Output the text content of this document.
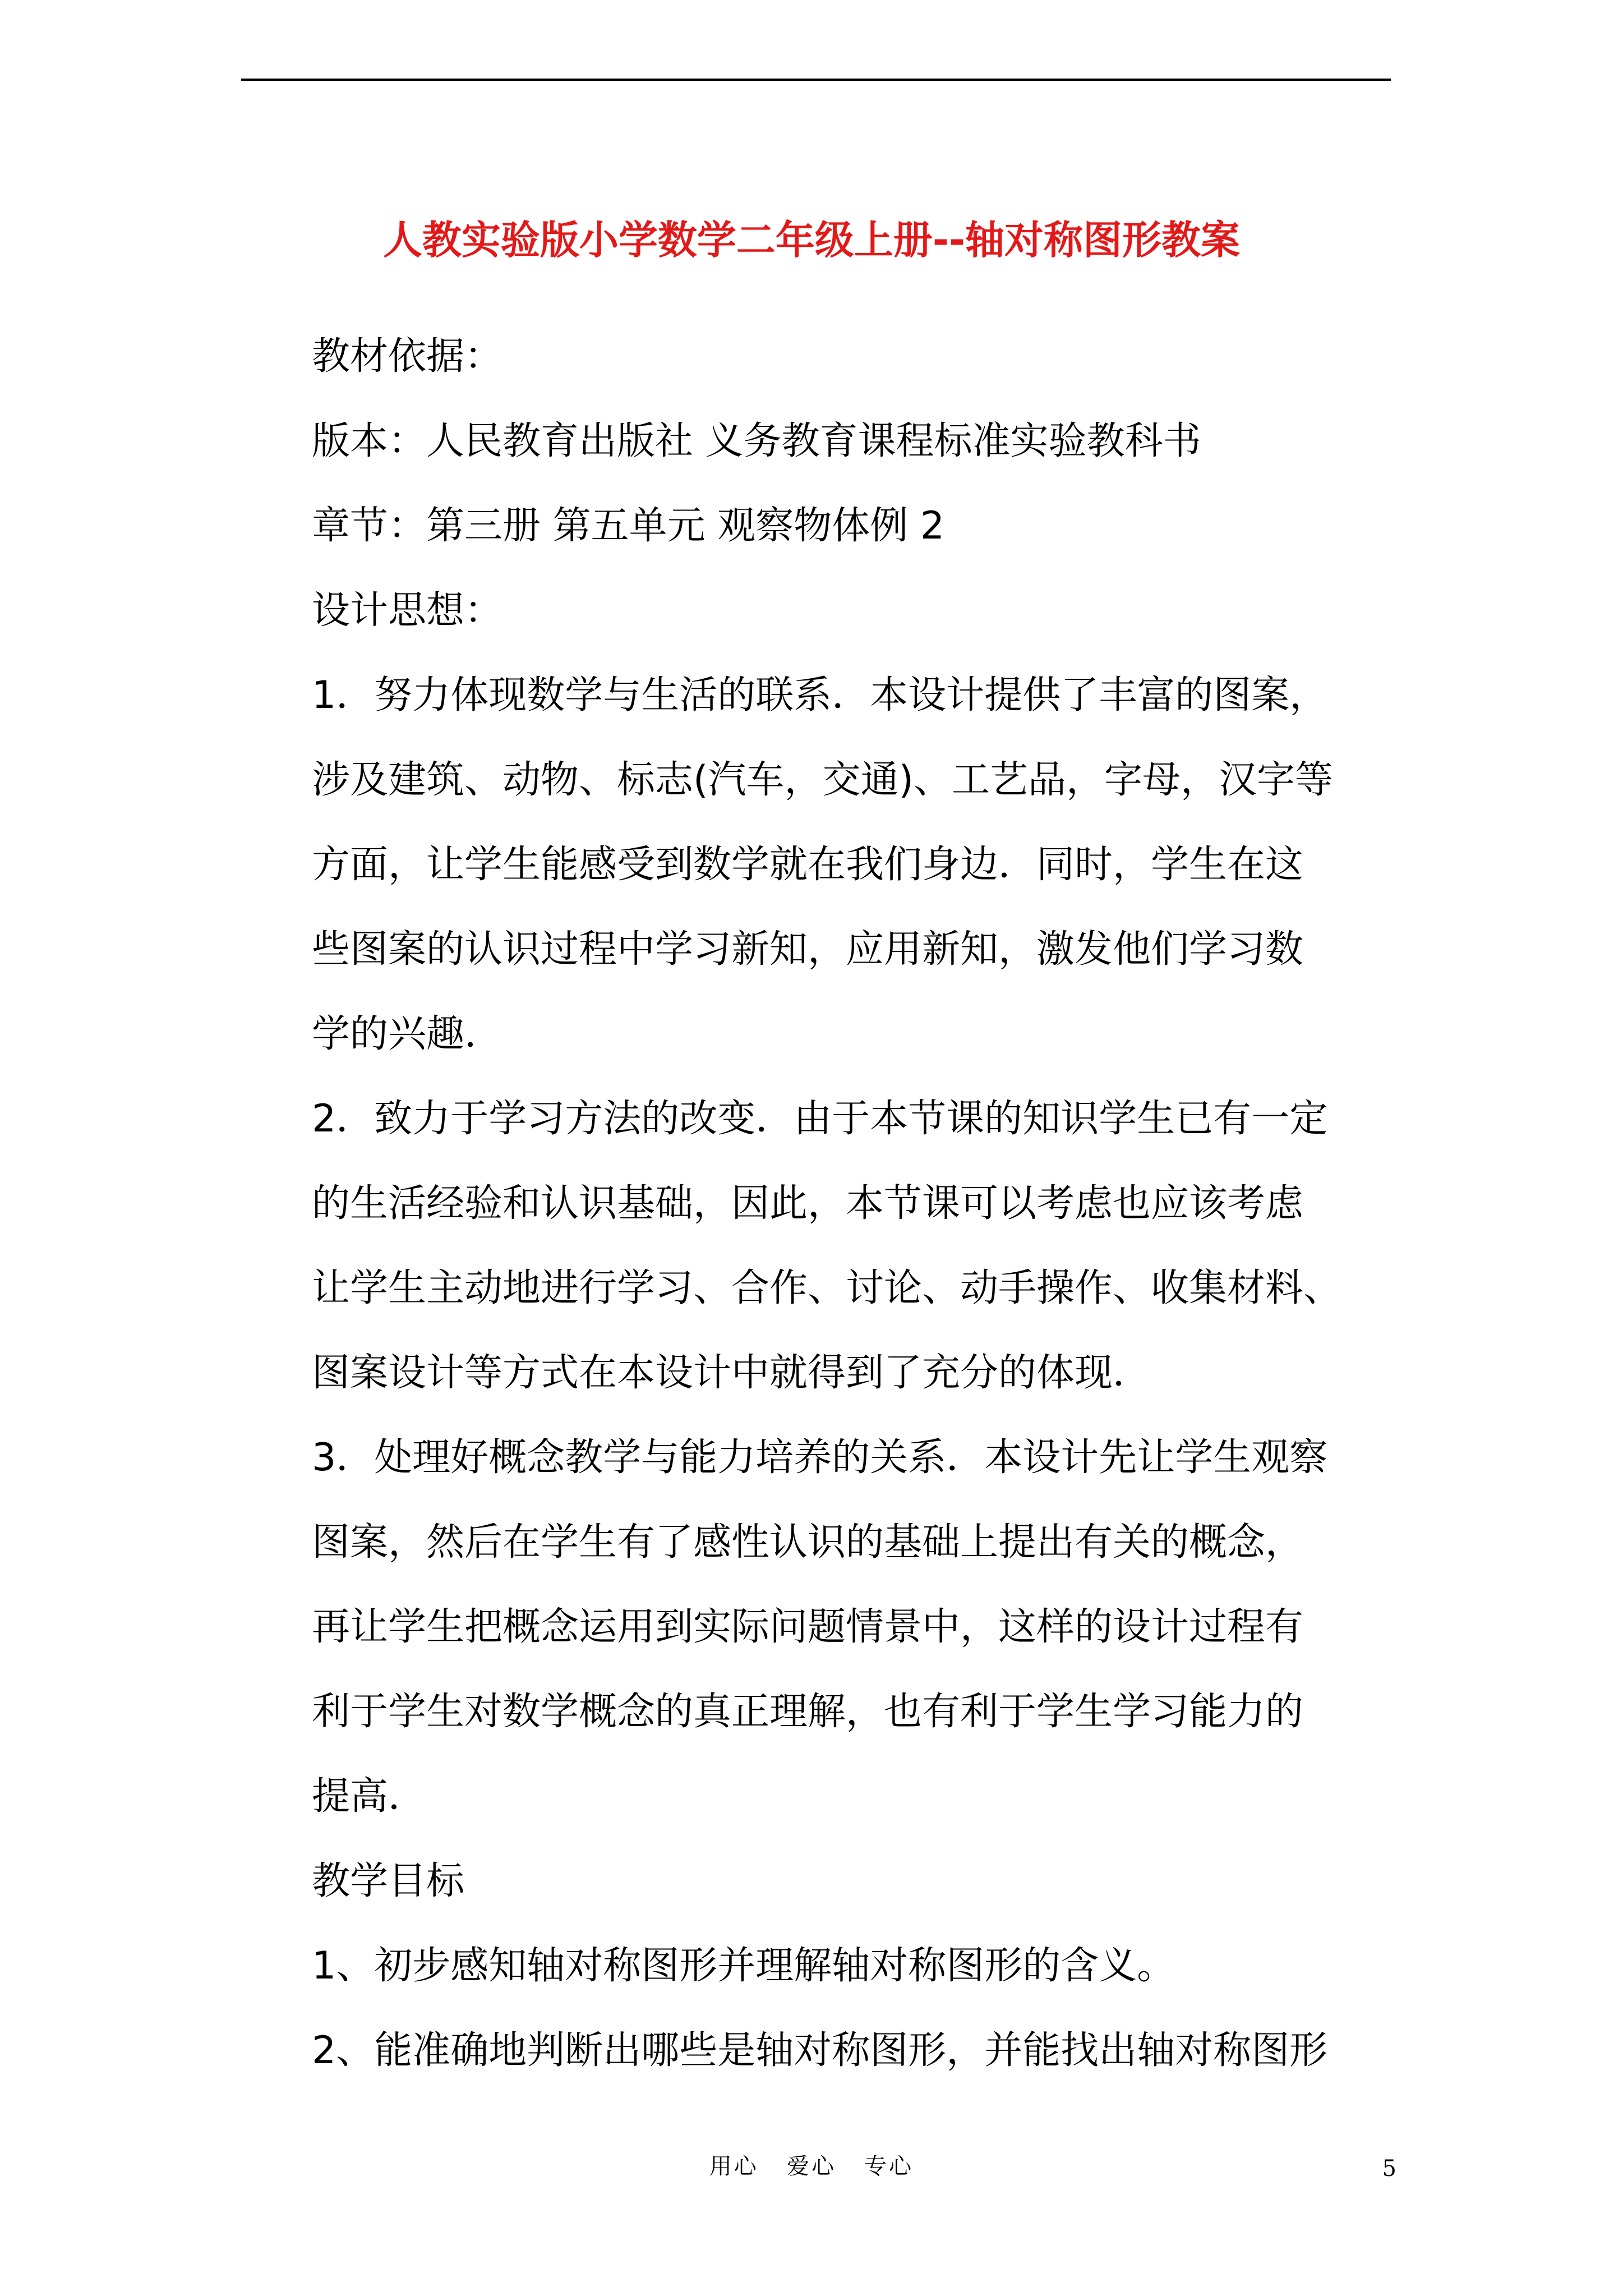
人教实验版小学数学二年级上册--轴对称图形教案
教材依据：
版本：人民教育出版社 义务教育课程标准实验教科书
章节：第三册 第五单元 观察物体例 2
设计思想：
1．努力体现数学与生活的联系．本设计提供了丰富的图案，
涉及建筑、动物、标志(汽车，交通)、工艺品，字母，汉字等
方面，让学生能感受到数学就在我们身边．同时，学生在这
些图案的认识过程中学习新知，应用新知，激发他们学习数
学的兴趣．
2．致力于学习方法的改变．由于本节课的知识学生已有一定
的生活经验和认识基础，因此，本节课可以考虑也应该考虑
让学生主动地进行学习、合作、讨论、动手操作、收集材料、
图案设计等方式在本设计中就得到了充分的体现．
3．处理好概念教学与能力培养的关系．本设计先让学生观察
图案，然后在学生有了感性认识的基础上提出有关的概念，
再让学生把概念运用到实际问题情景中，这样的设计过程有
利于学生对数学概念的真正理解，也有利于学生学习能力的
提高．
教学目标
1、初步感知轴对称图形并理解轴对称图形的含义。
2、能准确地判断出哪些是轴对称图形，并能找出轴对称图形
用心   爱心   专心	5
